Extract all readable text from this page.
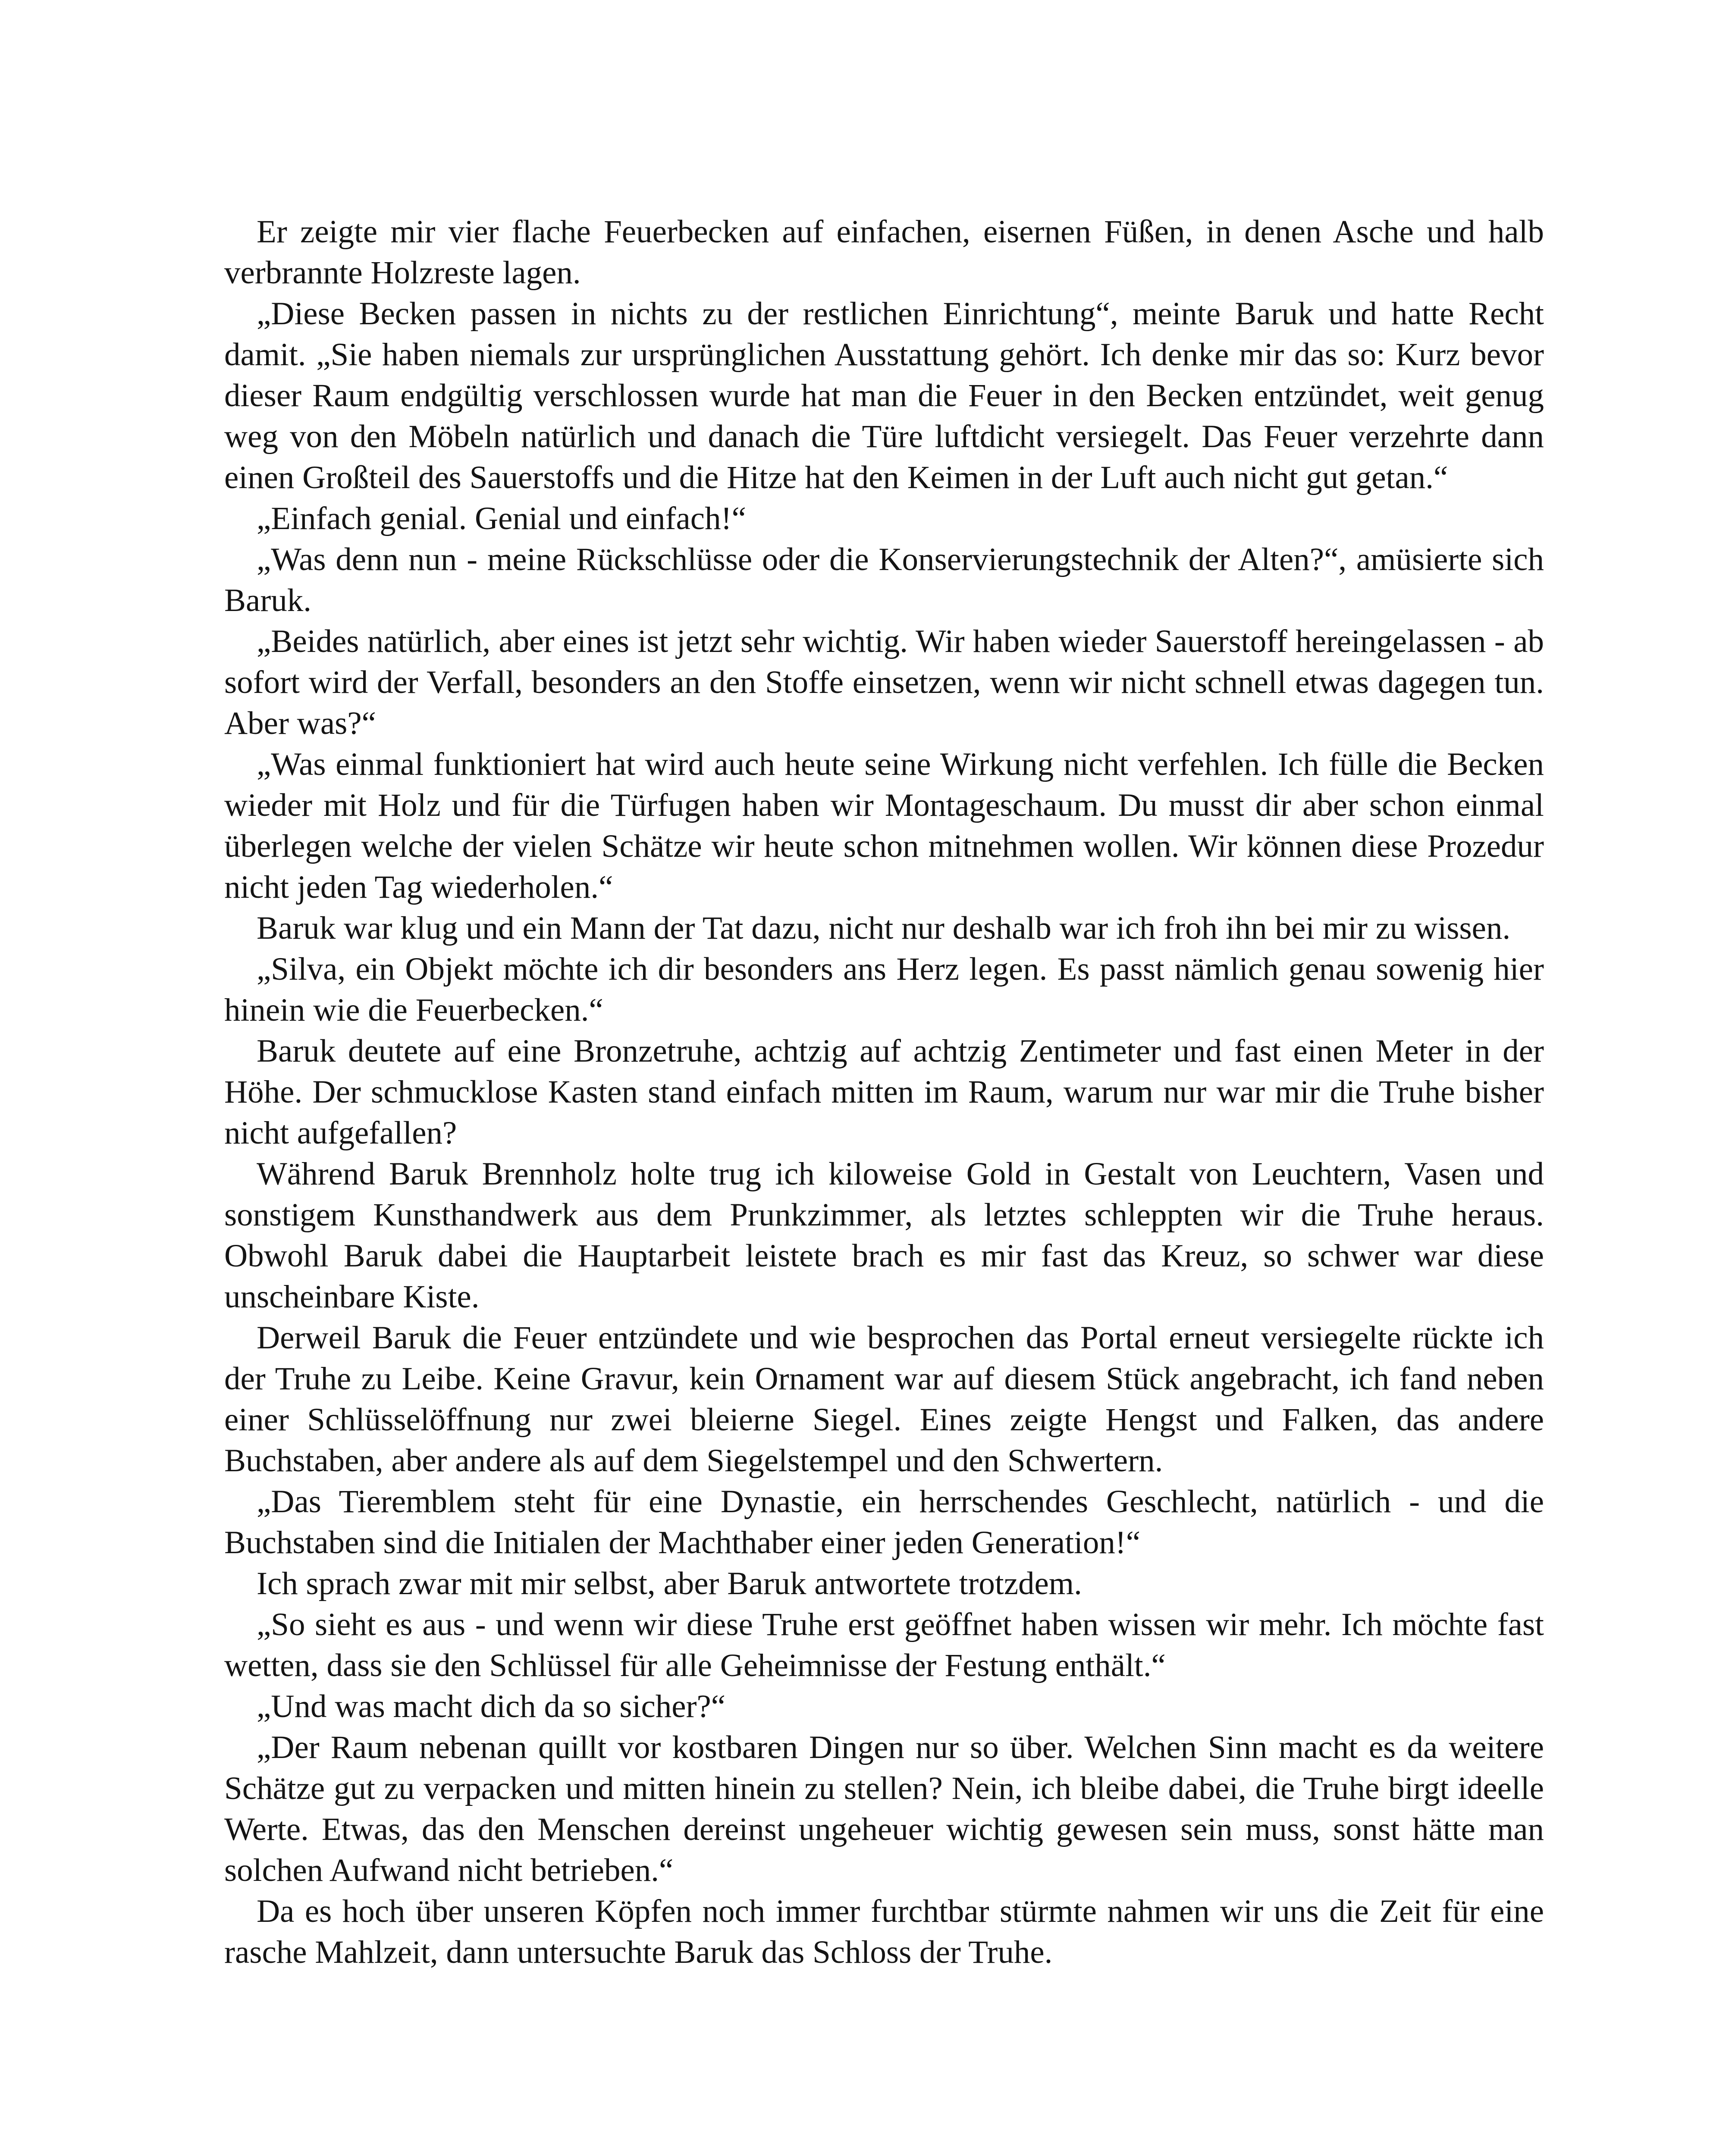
Er zeigte mir vier flache Feuerbecken auf einfachen, eisernen Füßen, in denen Asche und halb verbrannte Holzreste lagen.

„Diese Becken passen in nichts zu der restlichen Einrichtung“, meinte Baruk und hatte Recht damit. „Sie haben niemals zur ursprünglichen Ausstattung gehört. Ich denke mir das so: Kurz bevor dieser Raum endgültig verschlossen wurde hat man die Feuer in den Becken entzündet, weit genug weg von den Möbeln natürlich und danach die Türe luftdicht versiegelt. Das Feuer verzehrte dann einen Großteil des Sauerstoffs und die Hitze hat den Keimen in der Luft auch nicht gut getan.“

„Einfach genial. Genial und einfach!“

„Was denn nun - meine Rückschlüsse oder die Konservierungstechnik der Alten?“, amüsierte sich Baruk.

„Beides natürlich, aber eines ist jetzt sehr wichtig. Wir haben wieder Sauerstoff hereingelassen - ab sofort wird der Verfall, besonders an den Stoffe einsetzen, wenn wir nicht schnell etwas dagegen tun. Aber was?“

„Was einmal funktioniert hat wird auch heute seine Wirkung nicht verfehlen. Ich fülle die Becken wieder mit Holz und für die Türfugen haben wir Montageschaum. Du musst dir aber schon einmal überlegen welche der vielen Schätze wir heute schon mitnehmen wollen. Wir können diese Prozedur nicht jeden Tag wiederholen.“

Baruk war klug und ein Mann der Tat dazu, nicht nur deshalb war ich froh ihn bei mir zu wissen.

„Silva, ein Objekt möchte ich dir besonders ans Herz legen. Es passt nämlich genau sowenig hier hinein wie die Feuerbecken.“

Baruk deutete auf eine Bronzetruhe, achtzig auf achtzig Zentimeter und fast einen Meter in der Höhe. Der schmucklose Kasten stand einfach mitten im Raum, warum nur war mir die Truhe bisher nicht aufgefallen?

Während Baruk Brennholz holte trug ich kiloweise Gold in Gestalt von Leuchtern, Vasen und sonstigem Kunsthandwerk aus dem Prunkzimmer, als letztes schleppten wir die Truhe heraus. Obwohl Baruk dabei die Hauptarbeit leistete brach es mir fast das Kreuz, so schwer war diese unscheinbare Kiste.

Derweil Baruk die Feuer entzündete und wie besprochen das Portal erneut versiegelte rückte ich der Truhe zu Leibe. Keine Gravur, kein Ornament war auf diesem Stück angebracht, ich fand neben einer Schlüsselöffnung nur zwei bleierne Siegel. Eines zeigte Hengst und Falken, das andere Buchstaben, aber andere als auf dem Siegelstempel und den Schwertern.

„Das Tieremblem steht für eine Dynastie, ein herrschendes Geschlecht, natürlich - und die Buchstaben sind die Initialen der Machthaber einer jeden Generation!“

Ich sprach zwar mit mir selbst, aber Baruk antwortete trotzdem.

„So sieht es aus - und wenn wir diese Truhe erst geöffnet haben wissen wir mehr. Ich möchte fast wetten, dass sie den Schlüssel für alle Geheimnisse der Festung enthält.“

„Und was macht dich da so sicher?“

„Der Raum nebenan quillt vor kostbaren Dingen nur so über. Welchen Sinn macht es da weitere Schätze gut zu verpacken und mitten hinein zu stellen? Nein, ich bleibe dabei, die Truhe birgt ideelle Werte. Etwas, das den Menschen dereinst ungeheuer wichtig gewesen sein muss, sonst hätte man solchen Aufwand nicht betrieben.“

Da es hoch über unseren Köpfen noch immer furchtbar stürmte nahmen wir uns die Zeit für eine rasche Mahlzeit, dann untersuchte Baruk das Schloss der Truhe.
